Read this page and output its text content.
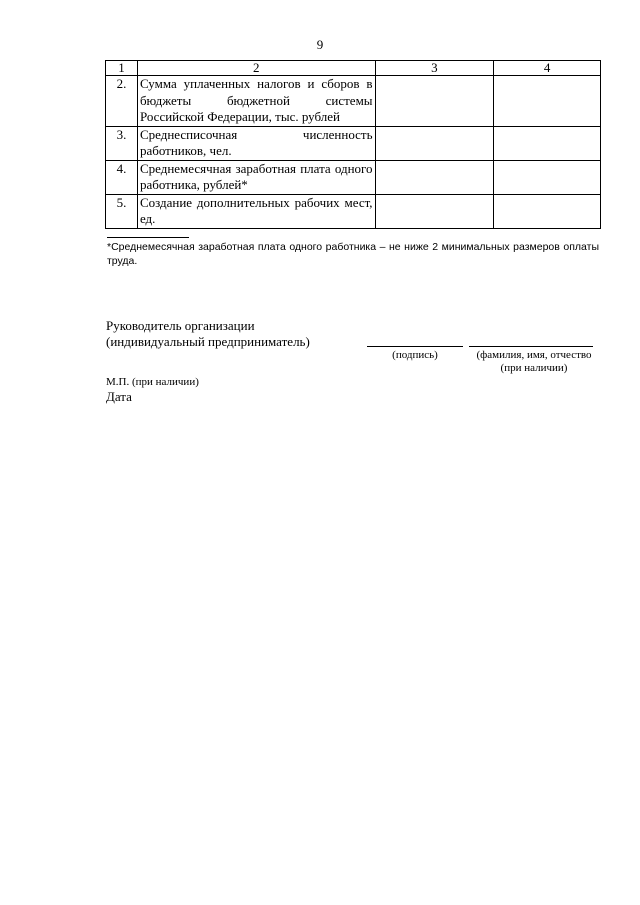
9
1	2	3	4
2.	Сумма уплаченных налогов и сборов в бюджеты бюджетной системы Российской Федерации, тыс. рублей		
3.	Среднесписочная численность работников, чел.		
4.	Среднемесячная заработная плата одного работника, рублей*		
5.	Создание дополнительных рабочих мест, ед.		
*Среднемесячная заработная плата одного работника – не ниже 2 минимальных размеров оплаты труда.
Руководитель организации
(индивидуальный предприниматель)
(подпись)	(фамилия, имя, отчество
(при наличии)
М.П. (при наличии)
Дата
